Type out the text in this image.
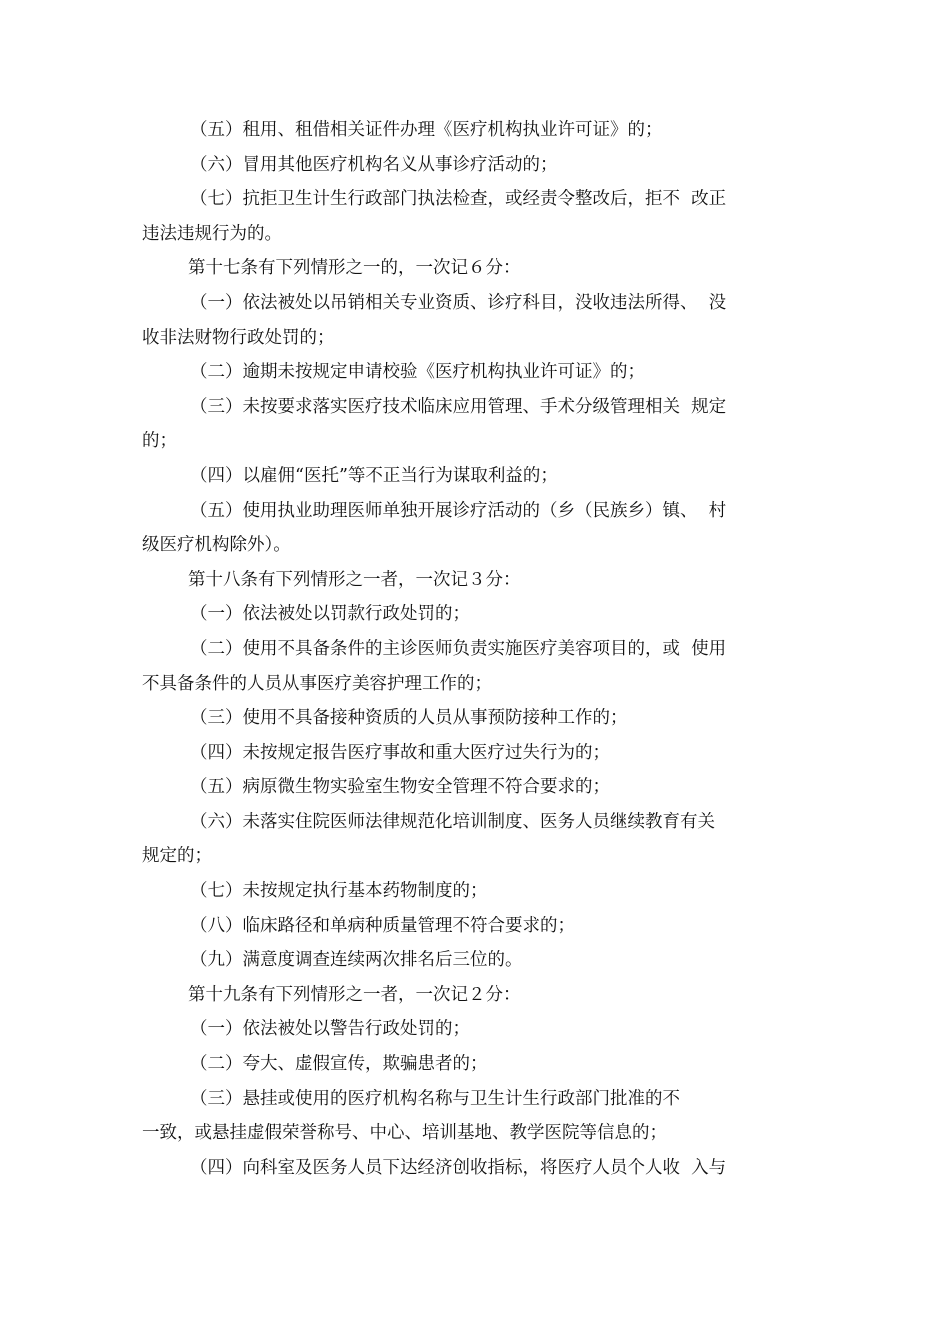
（五）租用、租借相关证件办理《医疗机构执业许可证》的；
（六）冒用其他医疗机构名义从事诊疗活动的；
（七）抗拒卫生计生行政部门执法检查，或经责令整改后，拒不  改正
违法违规行为的。
第十七条有下列情形之一的，一次记６分：
（一）依法被处以吊销相关专业资质、诊疗科目，没收违法所得、  没
收非法财物行政处罚的；
（二）逾期未按规定申请校验《医疗机构执业许可证》的；
（三）未按要求落实医疗技术临床应用管理、手术分级管理相关  规定
的；
（四）以雇佣“医托”等不正当行为谋取利益的；
（五）使用执业助理医师单独开展诊疗活动的（乡（民族乡）镇、  村
级医疗机构除外）。
第十八条有下列情形之一者，一次记３分：
（一）依法被处以罚款行政处罚的；
（二）使用不具备条件的主诊医师负责实施医疗美容项目的，或  使用
不具备条件的人员从事医疗美容护理工作的；
（三）使用不具备接种资质的人员从事预防接种工作的；
（四）未按规定报告医疗事故和重大医疗过失行为的；
（五）病原微生物实验室生物安全管理不符合要求的；
（六）未落实住院医师法律规范化培训制度、医务人员继续教育有关
规定的；
（七）未按规定执行基本药物制度的；
（八）临床路径和单病种质量管理不符合要求的；
（九）满意度调查连续两次排名后三位的。
第十九条有下列情形之一者，一次记２分：
（一）依法被处以警告行政处罚的；
（二）夸大、虚假宣传，欺骗患者的；
（三）悬挂或使用的医疗机构名称与卫生计生行政部门批准的不
一致，或悬挂虚假荣誉称号、中心、培训基地、教学医院等信息的；
（四）向科室及医务人员下达经济创收指标，将医疗人员个人收  入与
